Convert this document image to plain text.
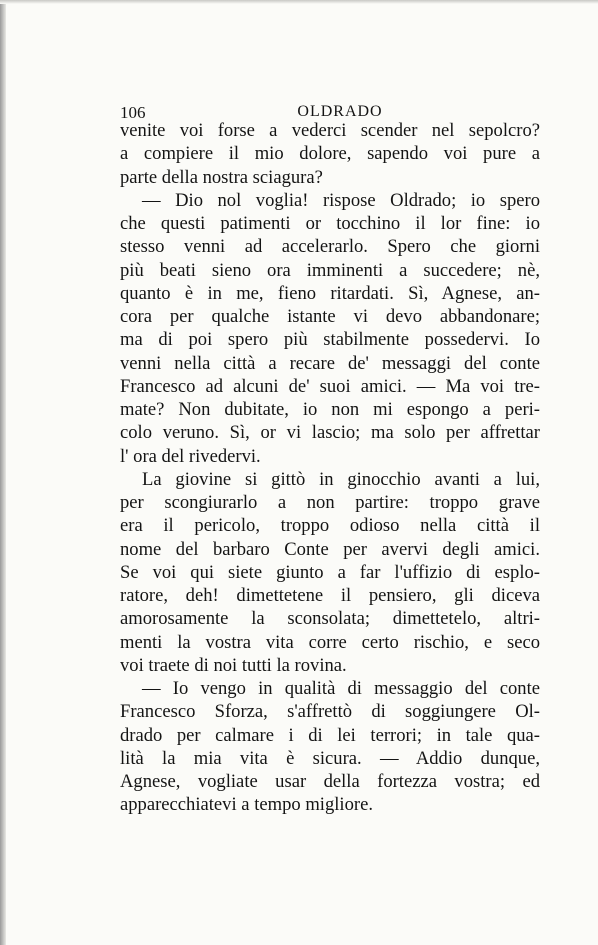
106	OLDRADO
venite voi forse a vederci scender nel sepolcro?
a compiere il mio dolore, sapendo voi pure a
parte della nostra sciagura?
— Dio nol voglia! rispose Oldrado; io spero
che questi patimenti or tocchino il lor fine: io
stesso venni ad accelerarlo. Spero che giorni
più beati sieno ora imminenti a succedere; nè,
quanto è in me, fieno ritardati. Sì, Agnese, an-
cora per qualche istante vi devo abbandonare;
ma di poi spero più stabilmente possedervi. Io
venni nella città a recare de' messaggi del conte
Francesco ad alcuni de' suoi amici. — Ma voi tre-
mate? Non dubitate, io non mi espongo a peri-
colo veruno. Sì, or vi lascio; ma solo per affrettar
l' ora del rivedervi.
La giovine si gittò in ginocchio avanti a lui,
per scongiurarlo a non partire: troppo grave
era il pericolo, troppo odioso nella città il
nome del barbaro Conte per avervi degli amici.
Se voi qui siete giunto a far l'uffizio di esplo-
ratore, deh! dimettetene il pensiero, gli diceva
amorosamente la sconsolata; dimettetelo, altri-
menti la vostra vita corre certo rischio, e seco
voi traete di noi tutti la rovina.
— Io vengo in qualità di messaggio del conte
Francesco Sforza, s'affrettò di soggiungere Ol-
drado per calmare i di lei terrori; in tale qua-
lità la mia vita è sicura. — Addio dunque,
Agnese, vogliate usar della fortezza vostra; ed
apparecchiatevi a tempo migliore.
